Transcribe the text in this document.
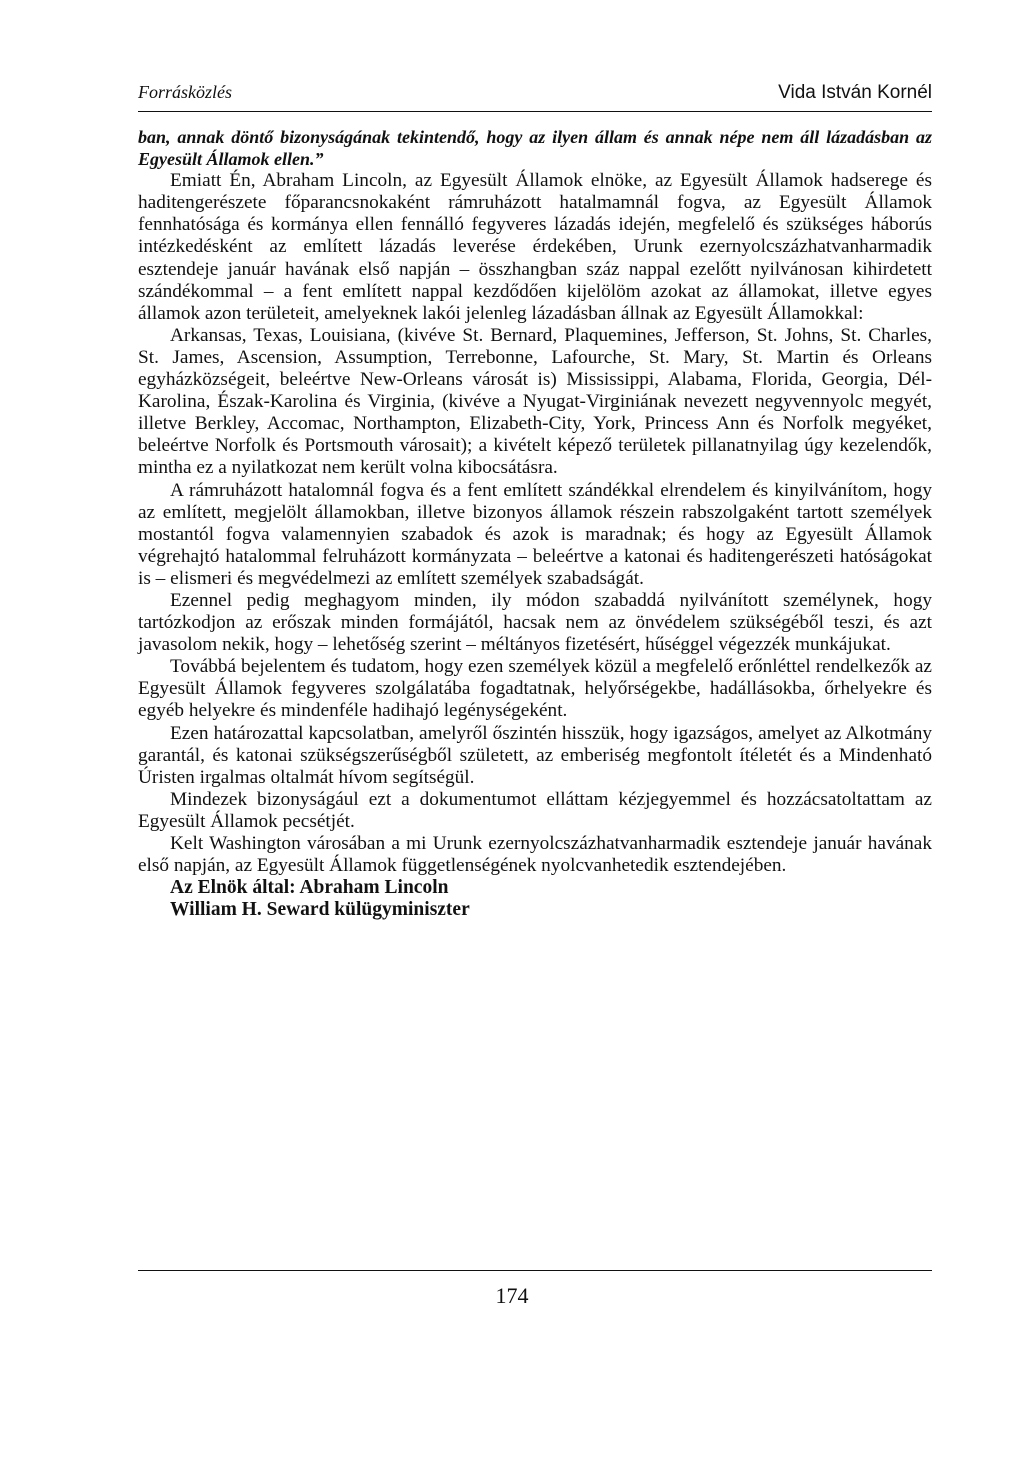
Forrásközlés	Vida István Kornél

ban, annak döntő bizonyságának tekintendő, hogy az ilyen állam és annak népe nem áll lázadásban az Egyesült Államok ellen.”

Emiatt Én, Abraham Lincoln, az Egyesült Államok elnöke, az Egyesült Államok hadserege és haditengerészete főparancsnokaként rámruházott hatalmamnál fogva, az Egyesült Államok fennhatósága és kormánya ellen fennálló fegyveres lázadás idején, megfelelő és szükséges háborús intézkedésként az említett lázadás leverése érdekében, Urunk ezernyolcszázhatvanharmadik esztendeje január havának első napján – összhangban száz nappal ezelőtt nyilvánosan kihirdetett szándékommal – a fent említett nappal kezdődően kijelölöm azokat az államokat, illetve egyes államok azon területeit, amelyeknek lakói jelenleg lázadásban állnak az Egyesült Államokkal:

Arkansas, Texas, Louisiana, (kivéve St. Bernard, Plaquemines, Jefferson, St. Johns, St. Charles, St. James, Ascension, Assumption, Terrebonne, Lafourche, St. Mary, St. Martin és Orleans egyházközségeit, beleértve New-Orleans városát is) Mississippi, Alabama, Florida, Georgia, Dél-Karolina, Észak-Karolina és Virginia, (kivéve a Nyugat-Virginiának nevezett negyvennyolc megyét, illetve Berkley, Accomac, Northampton, Elizabeth-City, York, Princess Ann és Norfolk megyéket, beleértve Norfolk és Portsmouth városait); a kivételt képező területek pillanatnyilag úgy kezelendők, mintha ez a nyilatkozat nem került volna kibocsátásra.

A rámruházott hatalomnál fogva és a fent említett szándékkal elrendelem és kinyilvánítom, hogy az említett, megjelölt államokban, illetve bizonyos államok részein rabszolgaként tartott személyek mostantól fogva valamennyien szabadok és azok is maradnak; és hogy az Egyesült Államok végrehajtó hatalommal felruházott kormányzata – beleértve a katonai és haditengerészeti hatóságokat is – elismeri és megvédelmezi az említett személyek szabadságát.

Ezennel pedig meghagyom minden, ily módon szabaddá nyilvánított személynek, hogy tartózkodjon az erőszak minden formájától, hacsak nem az önvédelem szükségéből teszi, és azt javasolom nekik, hogy – lehetőség szerint – méltányos fizetésért, hűséggel végezzék munkájukat.

Továbbá bejelentem és tudatom, hogy ezen személyek közül a megfelelő erőnléttel rendelkezők az Egyesült Államok fegyveres szolgálatába fogadtatnak, helyőrségekbe, hadállásokba, őrhelyekre és egyéb helyekre és mindenféle hadihajó legénységeként.

Ezen határozattal kapcsolatban, amelyről őszintén hisszük, hogy igazságos, amelyet az Alkotmány garantál, és katonai szükségszerűségből született, az emberiség megfontolt ítéletét és a Mindenható Úristen irgalmas oltalmát hívom segítségül.

Mindezek bizonyságául ezt a dokumentumot elláttam kézjegyemmel és hozzácsatoltattam az Egyesült Államok pecsétjét.

Kelt Washington városában a mi Urunk ezernyolcszázhatvanharmadik esztendeje január havának első napján, az Egyesült Államok függetlenségének nyolcvanhetedik esztendejében.

Az Elnök által: Abraham Lincoln

William H. Seward külügyminiszter

174
